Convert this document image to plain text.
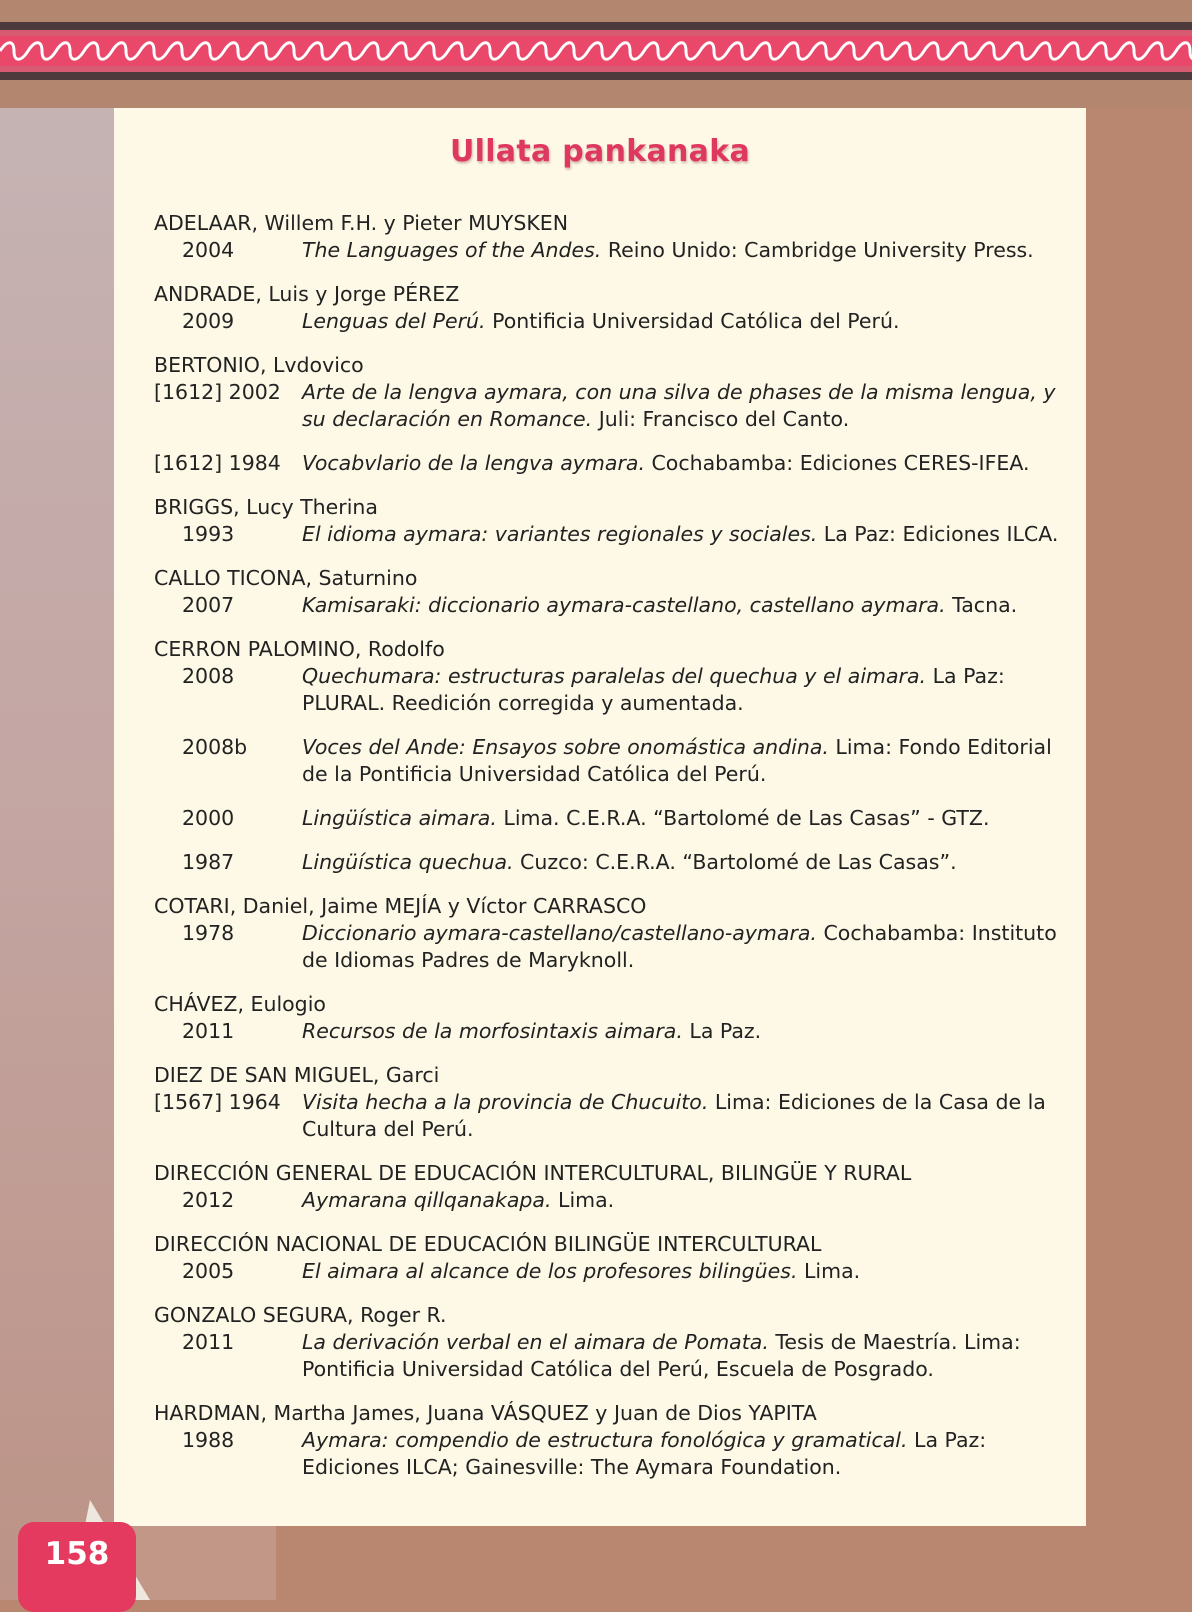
Ullata pankanaka
ADELAAR, Willem F.H. y Pieter MUYSKEN
2004	The Languages of the Andes. Reino Unido: Cambridge University Press.
ANDRADE, Luis y Jorge PÉREZ
2009	Lenguas del Perú. Pontificia Universidad Católica del Perú.
BERTONIO, Lvdovico
[1612] 2002	Arte de la lengva aymara, con una silva de phases de la misma lengua, y su declaración en Romance. Juli: Francisco del Canto.
[1612] 1984	Vocabvlario de la lengva aymara. Cochabamba: Ediciones CERES-IFEA.
BRIGGS, Lucy Therina
1993	El idioma aymara: variantes regionales y sociales. La Paz: Ediciones ILCA.
CALLO TICONA, Saturnino
2007	Kamisaraki: diccionario aymara-castellano, castellano aymara. Tacna.
CERRON PALOMINO, Rodolfo
2008	Quechumara: estructuras paralelas del quechua y el aimara. La Paz: PLURAL. Reedición corregida y aumentada.
2008b	Voces del Ande: Ensayos sobre onomástica andina. Lima: Fondo Editorial de la Pontificia Universidad Católica del Perú.
2000	Lingüística aimara. Lima. C.E.R.A. “Bartolomé de Las Casas” - GTZ.
1987	Lingüística quechua. Cuzco: C.E.R.A. “Bartolomé de Las Casas”.
COTARI, Daniel, Jaime MEJÍA y Víctor CARRASCO
1978	Diccionario aymara-castellano/castellano-aymara. Cochabamba: Instituto de Idiomas Padres de Maryknoll.
CHÁVEZ, Eulogio
2011	Recursos de la morfosintaxis aimara. La Paz.
DIEZ DE SAN MIGUEL, Garci
[1567] 1964	Visita hecha a la provincia de Chucuito. Lima: Ediciones de la Casa de la Cultura del Perú.
DIRECCIÓN GENERAL DE EDUCACIÓN INTERCULTURAL, BILINGÜE Y RURAL
2012	Aymarana qillqanakapa. Lima.
DIRECCIÓN NACIONAL DE EDUCACIÓN BILINGÜE INTERCULTURAL
2005	El aimara al alcance de los profesores bilingües. Lima.
GONZALO SEGURA, Roger R.
2011	La derivación verbal en el aimara de Pomata. Tesis de Maestría. Lima: Pontificia Universidad Católica del Perú, Escuela de Posgrado.
HARDMAN, Martha James, Juana VÁSQUEZ y Juan de Dios YAPITA
1988	Aymara: compendio de estructura fonológica y gramatical. La Paz: Ediciones ILCA; Gainesville: The Aymara Foundation.
158
